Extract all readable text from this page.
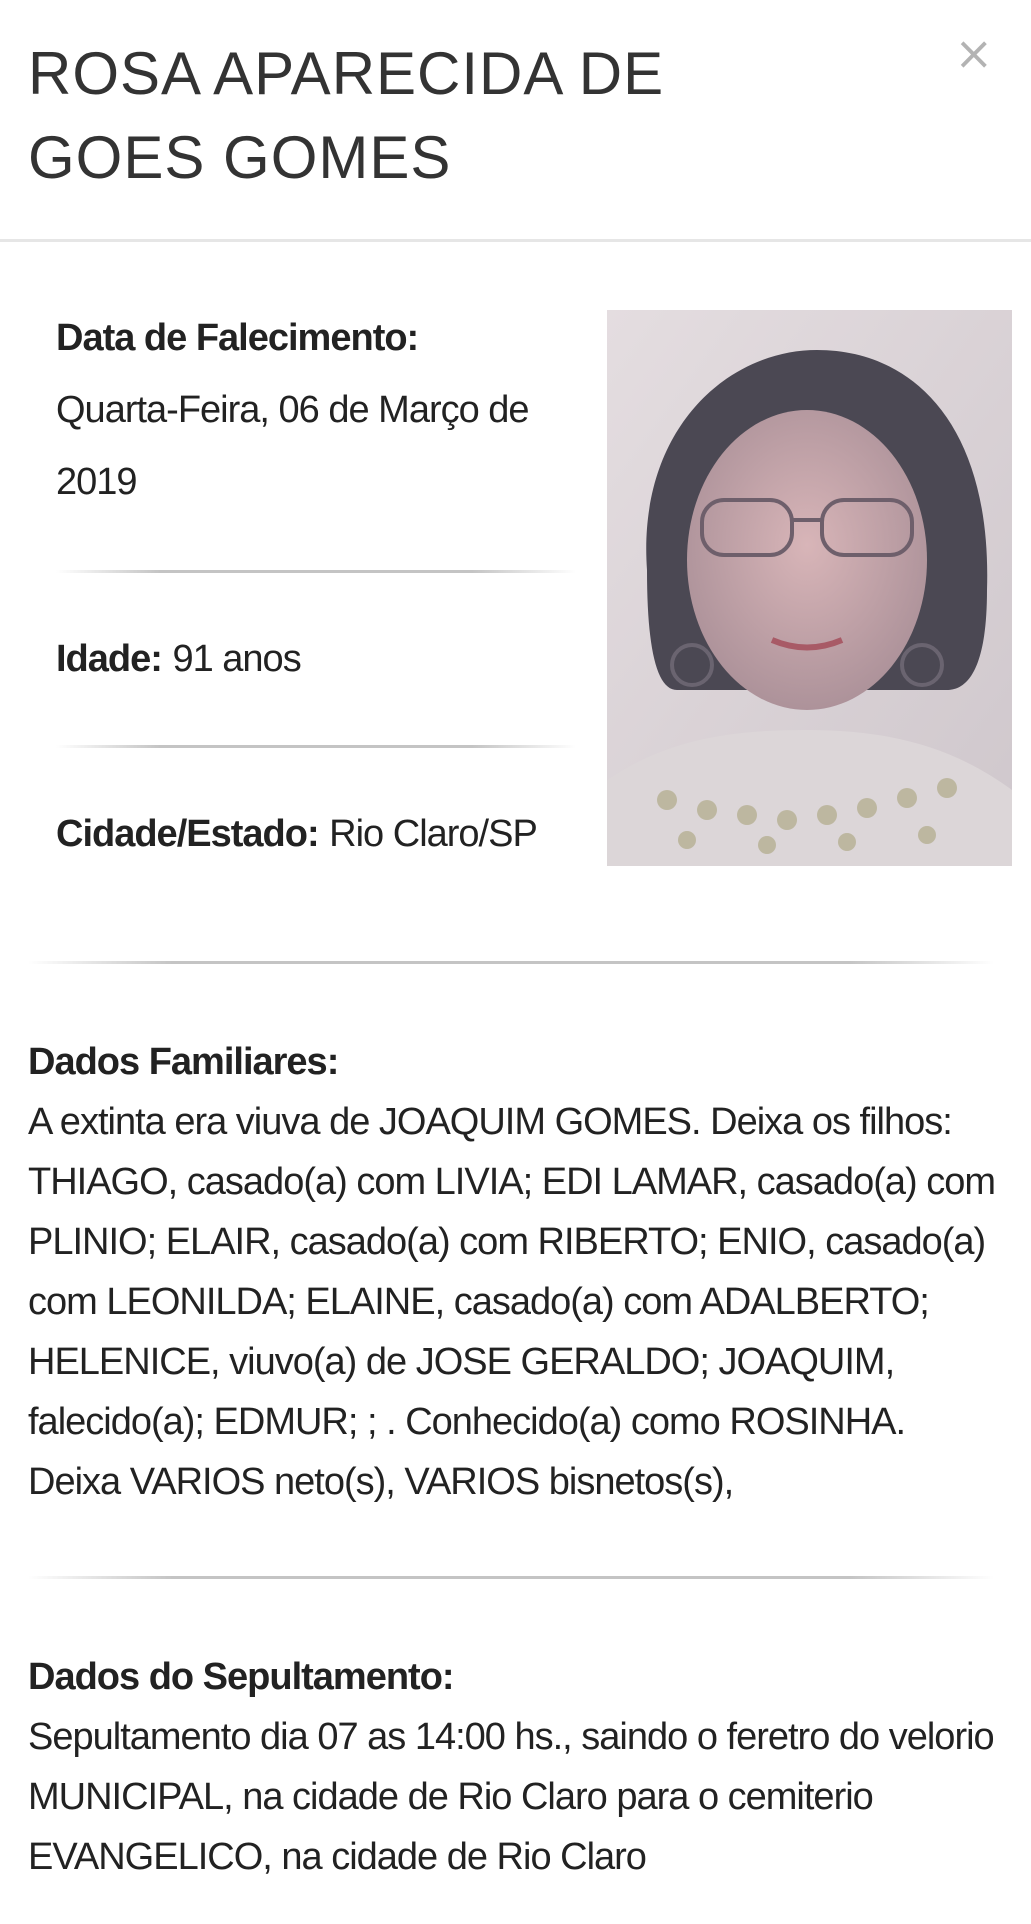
ROSA APARECIDA DE GOES GOMES
×
Data de Falecimento:
Quarta-Feira, 06 de Março de 2019
Idade: 91 anos
Cidade/Estado: Rio Claro/SP
Dados Familiares:

A extinta era viuva de JOAQUIM GOMES. Deixa os filhos: THIAGO, casado(a) com LIVIA; EDI LAMAR, casado(a) com PLINIO; ELAIR, casado(a) com RIBERTO; ENIO, casado(a) com LEONILDA; ELAINE, casado(a) com ADALBERTO; HELENICE, viuvo(a) de JOSE GERALDO; JOAQUIM, falecido(a); EDMUR; ; . Conhecido(a) como ROSINHA. Deixa VARIOS neto(s), VARIOS bisnetos(s),

Dados do Sepultamento:

Sepultamento dia 07 as 14:00 hs., saindo o feretro do velorio MUNICIPAL, na cidade de Rio Claro para o cemiterio EVANGELICO, na cidade de Rio Claro
